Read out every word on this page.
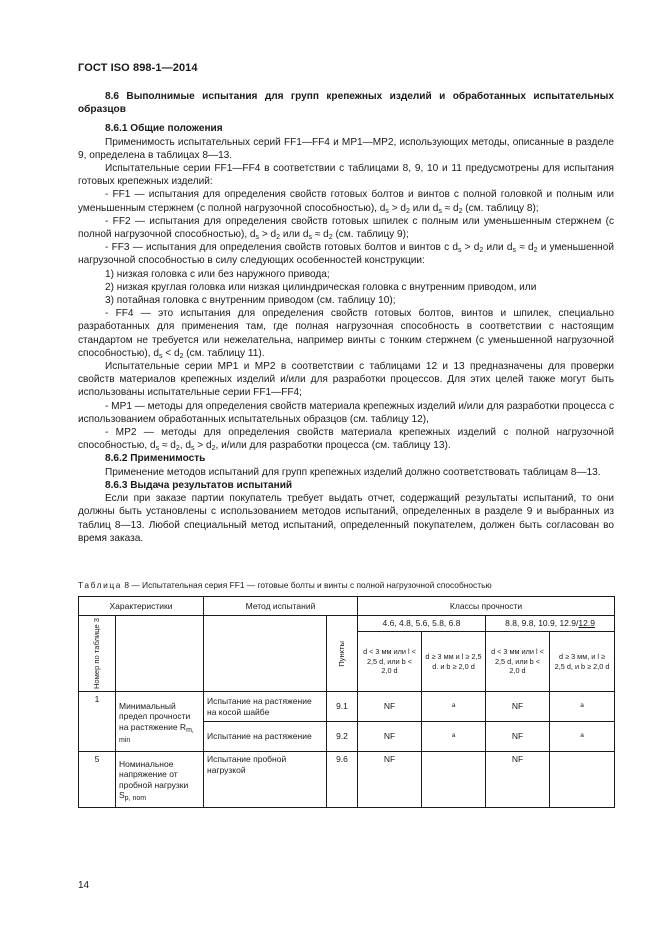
ГОСТ ISO 898-1—2014

8.6 Выполнимые испытания для групп крепежных изделий и обработанных испытательных образцов

8.6.1 Общие положения

Применимость испытательных серий FF1—FF4 и MP1—MP2, использующих методы, описанные в разделе 9, определена в таблицах 8—13.

Испытательные серии FF1—FF4 в соответствии с таблицами 8, 9, 10 и 11 предусмотрены для испытания готовых крепежных изделий:

- FF1 — испытания для определения свойств готовых болтов и винтов с полной головкой и полным или уменьшенным стержнем (с полной нагрузочной способностью), $d_s > d_2$ или $d_s \approx d_2$ (см. таблицу 8);

- FF2 — испытания для определения свойств готовых шпилек с полным или уменьшенным стержнем (с полной нагрузочной способностью), $d_s > d_2$ или $d_s \approx d_2$ (см. таблицу 9);

- FF3 — испытания для определения свойств готовых болтов и винтов с $d_s > d_2$ или $d_s \approx d_2$ и уменьшенной нагрузочной способностью в силу следующих особенностей конструкции:

1) низкая головка с или без наружного привода;

2) низкая круглая головка или низкая цилиндрическая головка с внутренним приводом, или

3) потайная головка с внутренним приводом (см. таблицу 10);

- FF4 — это испытания для определения свойств готовых болтов, винтов и шпилек, специально разработанных для применения там, где полная нагрузочная способность в соответствии с настоящим стандартом не требуется или нежелательна, например винты с тонким стержнем (с уменьшенной нагрузочной способностью), $d_s < d_2$ (см. таблицу 11).

Испытательные серии MP1 и MP2 в соответствии с таблицами 12 и 13 предназначены для проверки свойств материалов крепежных изделий и/или для разработки процессов. Для этих целей также могут быть использованы испытательные серии FF1—FF4;

- MP1 — методы для определения свойств материала крепежных изделий и/или для разработки процесса с использованием обработанных испытательных образцов (см. таблицу 12),

- MP2 — методы для определения свойств материала крепежных изделий с полной нагрузочной способностью, $d_s \approx d_2$, $d_s > d_2$, и/или для разработки процесса (см. таблицу 13).

8.6.2 Применимость

Применение методов испытаний для групп крепежных изделий должно соответствовать таблицам 8—13.

8.6.3 Выдача результатов испытаний

Если при заказе партии покупатель требует выдать отчет, содержащий результаты испытаний, то они должны быть установлены с использованием методов испытаний, определенных в разделе 9 и выбранных из таблиц 8—13. Любой специальный метод испытаний, определенный покупателем, должен быть согласован во время заказа.

Таблица 8 — Испытательная серия FF1 — готовые болты и винты с полной нагрузочной способностью
Характеристики		Метод испытаний		Классы прочности			

Номер по таблице 3			Пункты	4.6, 4.8, 5.6, 5.8, 6.8		8.8, 9.8, 10.9, 12.9/12.9	
				d < 3 мм или l < 2,5 d, или b < 2,0 d	d ≥ 3 мм и l ≥ 2,5 d. и b ≥ 2,0 d	d < 3 мм или l < 2,5 d, или b < 2,0 d	d ≥ 3 мм, и l ≥ 2,5 d, и b ≥ 2,0 d

1	Минимальный предел прочности на растяжение $R_{m, min}$	Испытание на растяжение на косой шайбе	9.1	NF	$^a$	NF	$^a$
		Испытание на растяжение	9.2	NF	$^a$	NF	$^a$
5	Номинальное напряжение от пробной нагрузки $S_{p, nom}$	Испытание пробной нагрузкой	9.6	NF		NF	
14
